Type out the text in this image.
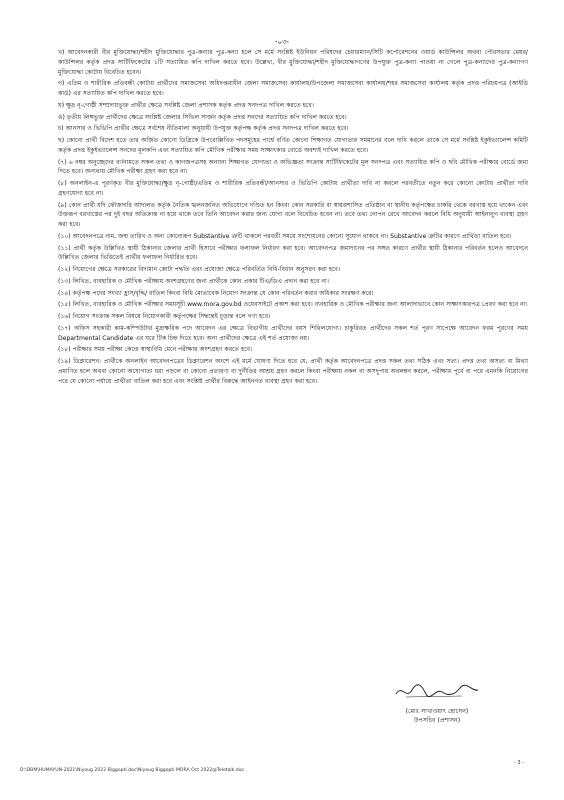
-০৩-

খ) আবেদনকারী বীর মুক্তিযোদ্ধা/শহীদ মুক্তিযোদ্ধার পুত্র-কন্যার পুত্র-কন্যা হলে সে মর্মে সংশ্লিষ্ট ইউনিয়ন পরিষদের চেয়ারম্যান/সিটি কর্পোরেশনের ওয়ার্ড কাউন্সিলর অথবা পৌরসভার মেয়র/কাউন্সিলর কর্তৃক প্রদত্ত সার্টিফিকেটের ১টি সত্যায়িত কপি দাখিল করতে হবে। উল্লেখ্য, বীর মুক্তিযোদ্ধা/শহীদ মুক্তিযোদ্ধাগণের উপযুক্ত পুত্র-কন্যা পাওয়া না গেলে পুত্র-কন্যাদের পুত্র-কন্যাগণ মুক্তিযোদ্ধা কোটায় বিবেচিত হবেন।

গ) এতিম ও শারীরিক প্রতিবন্ধী কোটায় প্রার্থীদের সমাজসেবা অধিদপ্তরাধীন জেলা সমাজসেবা কার্যালয়/উপজেলা সমাজসেবা কার্যালয়/শহর সমাজসেবা কার্যালয় কর্তৃক প্রদত্ত পরিচয়পত্র (আইডি কার্ড) এর সত্যায়িত কপি দাখিল করতে হবে।

ঘ) ক্ষুদ্র নৃ-গোষ্ঠী সম্প্রদায়ভুক্ত প্রার্থীর ক্ষেত্রে সংশ্লিষ্ট জেলা প্রশাসক কর্তৃক প্রদত্ত সনদপত্র দাখিল করতে হবে।

ঙ) তৃতীয় লিঙ্গভুক্ত প্রার্থীদের ক্ষেত্রে সংশ্লিষ্ট জেলার সিভিল সার্জন কর্তৃক প্রদত্ত সনদের সত্যায়িত কপি দাখিল করতে হবে।

চ) আনসার ও ভিডিপি প্রার্থীর ক্ষেত্রে সর্বশেষ নীতিমালা অনুযায়ী উপযুক্ত কর্তৃপক্ষ কর্তৃক প্রদত্ত সনদপত্র দাখিল করতে হবে।

ছ) কোনো প্রার্থী বিদেশ হতে তার অর্জিত কোনো ডিগ্রিকে উপরোল্লিখিত পদসমূহের পার্শ্বে বর্ণিত কোনো শিক্ষাগত যোগ্যতার সমমানের বলে দাবি করলে তাকে সে মর্মে সংশ্লিষ্ট ইকুইভ্যালেন্স কমিটি কর্তৃক প্রদত্ত ইকুইভ্যালেন্স সনদের মূলকপি এবং সত্যায়িত কপি মৌখিক পরীক্ষার সময় সাক্ষাৎকার বোর্ডে অবশ্যই দাখিল করতে হবে।

(৭) ৬ নম্বর অনুচ্ছেদের বর্ণনামতে সকল তথ্য ও কাগজপত্রসহ অন্যান্য শিক্ষাগত যোগ্যতা ও অভিজ্ঞতা সংক্রান্ত সার্টিফিকেটের মূল সনদপত্র এবং সত্যায়িত কপি ও ছবি মৌখিক পরীক্ষার বোর্ডে জমা দিতে হবে। অন্যথায় মৌখিক পরীক্ষা গ্রহণ করা হবে না।

(৮) অনলাইন-এ পূরণকৃত বীর মুক্তিযোদ্ধা/ক্ষুদ্র নৃ-গোষ্ঠী/এতিম ও শারীরিক প্রতিবন্ধী/আনসার ও ভিডিপি কোটায় প্রার্থীতা দাবি না করলে পরবর্তীতে নতুন করে কোনো কোটায় প্রার্থীতা দাবি গ্রহণযোগ্য হবে না।

(৯) কোন প্রার্থী যদি ফৌজদারি আদালত কর্তৃক নৈতিক স্খলনজনিত অভিযোগে দণ্ডিত হন কিংবা কোন সরকারি বা স্বায়ত্তশাসিত প্রতিষ্ঠান বা স্থানীয় কর্তৃপক্ষের চাকরি থেকে বরখাস্ত হয়ে থাকেন এবং উক্তরূপ বরখাস্তের পর দুই বছর অতিক্রান্ত না হয়ে থাকে তবে তিনি আবেদন করার জন্য যোগ্য বলে বিবেচিত হবেন না। তবে তথ্য গোপন রেখে আবেদন করলে বিধি অনুযায়ী আইনানুগ ব্যবস্থা গ্রহণ করা হবে।

(১০) আবেদনপত্রে নাম, জন্ম তারিখ ও অন্য কোনোরূপ Substantive ত্রুটি থাকলে পরবর্তী সময়ে সংশোধনের কোনো সুযোগ থাকবে না। Substantive ত্রুটির কারণে প্রার্থিতা বাতিল হবে।

(১১) প্রার্থী কর্তৃক উল্লিখিত স্থায়ী ঠিকানার জেলার প্রার্থী হিসাবে পরীক্ষার ফলাফল নির্ধারণ করা হবে। আবেদনপত্র জমাদানের পর সঙ্গত কারণে প্রার্থীর স্থায়ী ঠিকানার পরিবর্তন হলেও আবেদনে উল্লিখিত জেলার ভিত্তিতেই প্রার্থীর ফলাফল নির্ধারিত হবে।

(১২) নিয়োগের ক্ষেত্রে সরকারের বিদ্যমান কোটা পদ্ধতি এবং প্রযোজ্য ক্ষেত্রে পরিবর্তিত বিধি-বিধান অনুসরণ করা হবে।

(১৩) লিখিত, ব্যবহারিক ও মৌখিক পরীক্ষায় অংশগ্রহণের জন্য প্রার্থীকে কোন প্রকার টিএ/ডিএ প্রদান করা হবে না।

(১৪) কর্তৃপক্ষ পদের সংখ্যা হ্রাস/বৃদ্ধি/ বাতিল কিংবা বিধি মোতাবেক নিয়োগ সংক্রান্ত যে কোন পরিবর্তন করার অধিকার সংরক্ষণ করে।

(১৫) লিখিত, ব্যবহারিক ও মৌখিক পরীক্ষার সময়সূচী www.mora.gov.bd ওয়েবসাইটে প্রকাশ করা হবে। ব্যবহারিক ও মৌখিক পরীক্ষার জন্য আলাদাভাবে কোন সাক্ষাৎকারপত্র প্রেরণ করা হবে না।

(১৬) নিয়োগ সংক্রান্ত সকল বিষয়ে নিয়োগকারী কর্তৃপক্ষের সিদ্ধান্তই চূড়ান্ত বলে গণ্য হবে।

(১৭) অফিস সহকারী কাম-কম্পিউটার মুদ্রাক্ষরিক পদে আবেদন এর ক্ষেত্রে বিভাগীয় প্রার্থীদের বয়স শিথিলযোগ্য। চাকুরিরত প্রার্থীদের সকল শর্ত পূরণ সাপেক্ষে আবেদন ফরম পূরণের সময় Departmental Candidate এর ঘরে টিক চিহ্ন দিতে হবে। অন্য প্রার্থীদের ক্ষেত্রে এই শর্ত প্রযোজ্য নয়।

(১৮) পরীক্ষার সময় পরীক্ষা কেন্দ্রে স্বাস্থ্যবিধি মেনে পরীক্ষায় অংশগ্রহণ করতে হবে।

(১৯) ডিক্লারেশন: প্রার্থীকে অনলাইন আবেদনপত্রের ডিক্লারেশন অংশে এই মর্মে ঘোষণা দিতে হবে যে, প্রার্থী কর্তৃক আবেদনপত্রে প্রদত্ত সকল তথ্য সঠিক এবং সত্য। প্রদত্ত তথ্য অসত্য বা মিথ্যা প্রমাণিত হলে অথবা কোনো অযোগ্যতা ধরা পড়লে বা কোনো প্রতারণা বা দুর্নীতির আশ্রয় গ্রহণ করলে কিংবা পরীক্ষায় নকল বা অসদুপায় অবলম্বন করলে, পরীক্ষার পূর্বে বা পরে এমনকি নিয়োগের পরে যে কোনো পর্যায়ে প্রার্থীতা বাতিল করা হবে এবং সংশ্লিষ্ট প্রার্থীর বিরুদ্ধে আইনগত ব্যবস্থা গ্রহণ করা হবে।

(মোঃ সাখাওয়াৎ হোসেন)
উপসচিব (প্রশাসন)
- 3 -
D:\DBM\HUMAYUN-2021\Niyoug 2022 Biggopti.doc\Niyoug Biggopti MORA Oct 2022@Teletalk.doc
